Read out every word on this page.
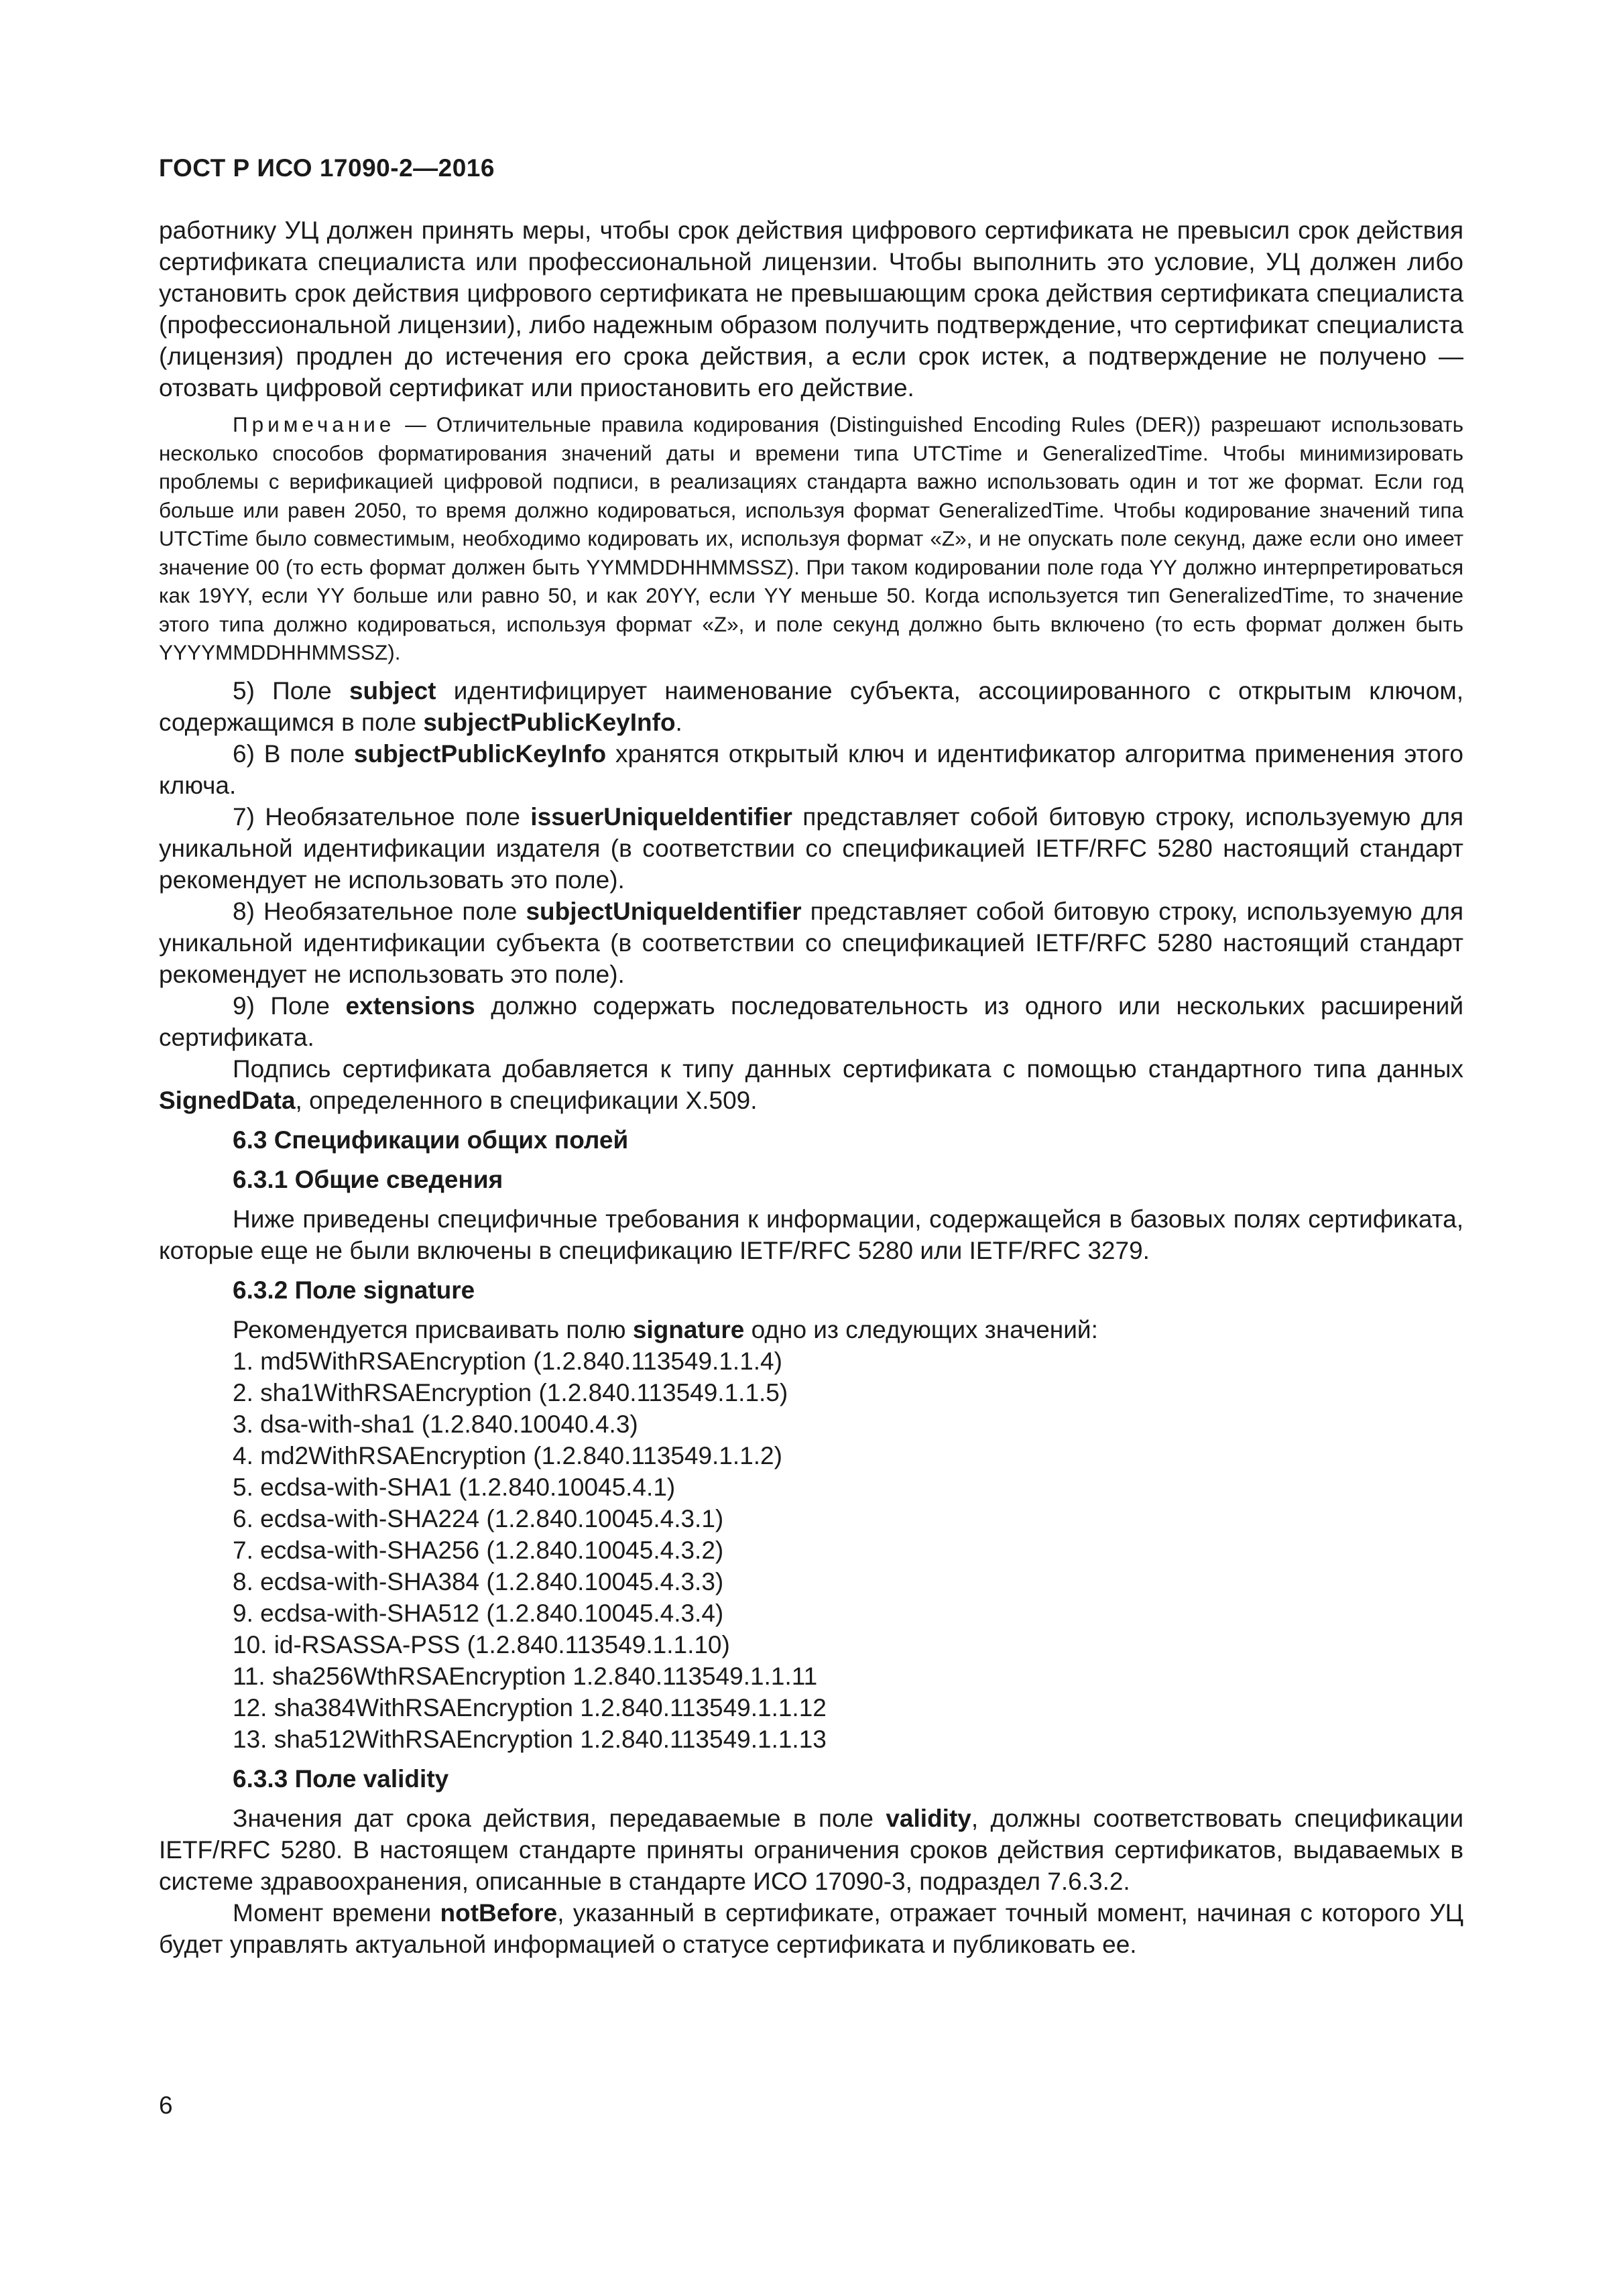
ГОСТ Р ИСО 17090-2—2016

работнику УЦ должен принять меры, чтобы срок действия цифрового сертификата не превысил срок действия сертификата специалиста или профессиональной лицензии. Чтобы выполнить это условие, УЦ должен либо установить срок действия цифрового сертификата не превышающим срока действия сертификата специалиста (профессиональной лицензии), либо надежным образом получить подтверждение, что сертификат специалиста (лицензия) продлен до истечения его срока действия, а если срок истек, а подтверждение не получено — отозвать цифровой сертификат или приостановить его действие.

Примечание — Отличительные правила кодирования (Distinguished Encoding Rules (DER)) разрешают использовать несколько способов форматирования значений даты и времени типа UTCTime и GeneralizedTime. Чтобы минимизировать проблемы с верификацией цифровой подписи, в реализациях стандарта важно использовать один и тот же формат. Если год больше или равен 2050, то время должно кодироваться, используя формат GeneralizedTime. Чтобы кодирование значений типа UTCTime было совместимым, необходимо кодировать их, используя формат «Z», и не опускать поле секунд, даже если оно имеет значение 00 (то есть формат должен быть YYMMDDHHMMSSZ). При таком кодировании поле года YY должно интерпретироваться как 19YY, если YY больше или равно 50, и как 20YY, если YY меньше 50. Когда используется тип GeneralizedTime, то значение этого типа должно кодироваться, используя формат «Z», и поле секунд должно быть включено (то есть формат должен быть YYYYMMDDHHMMSSZ).

5) Поле subject идентифицирует наименование субъекта, ассоциированного с открытым ключом, содержащимся в поле subjectPublicKeyInfo.

6) В поле subjectPublicKeyInfo хранятся открытый ключ и идентификатор алгоритма применения этого ключа.

7) Необязательное поле issuerUniqueIdentifier представляет собой битовую строку, используемую для уникальной идентификации издателя (в соответствии со спецификацией IETF/RFC 5280 настоящий стандарт рекомендует не использовать это поле).

8) Необязательное поле subjectUniqueIdentifier представляет собой битовую строку, используемую для уникальной идентификации субъекта (в соответствии со спецификацией IETF/RFC 5280 настоящий стандарт рекомендует не использовать это поле).

9) Поле extensions должно содержать последовательность из одного или нескольких расширений сертификата.

Подпись сертификата добавляется к типу данных сертификата с помощью стандартного типа данных SignedData, определенного в спецификации X.509.

6.3 Спецификации общих полей

6.3.1 Общие сведения

Ниже приведены специфичные требования к информации, содержащейся в базовых полях сертификата, которые еще не были включены в спецификацию IETF/RFC 5280 или IETF/RFC 3279.

6.3.2 Поле signature

Рекомендуется присваивать полю signature одно из следующих значений:

1. md5WithRSAEncryption (1.2.840.113549.1.1.4)
2. sha1WithRSAEncryption (1.2.840.113549.1.1.5)
3. dsa-with-sha1 (1.2.840.10040.4.3)
4. md2WithRSAEncryption (1.2.840.113549.1.1.2)
5. ecdsa-with-SHA1 (1.2.840.10045.4.1)
6. ecdsa-with-SHA224 (1.2.840.10045.4.3.1)
7. ecdsa-with-SHA256 (1.2.840.10045.4.3.2)
8. ecdsa-with-SHA384 (1.2.840.10045.4.3.3)
9. ecdsa-with-SHA512 (1.2.840.10045.4.3.4)
10. id-RSASSA-PSS (1.2.840.113549.1.1.10)
11. sha256WthRSAEncryption 1.2.840.113549.1.1.11
12. sha384WithRSAEncryption 1.2.840.113549.1.1.12
13. sha512WithRSAEncryption 1.2.840.113549.1.1.13

6.3.3 Поле validity

Значения дат срока действия, передаваемые в поле validity, должны соответствовать спецификации IETF/RFC 5280. В настоящем стандарте приняты ограничения сроков действия сертификатов, выдаваемых в системе здравоохранения, описанные в стандарте ИСО 17090-3, подраздел 7.6.3.2.

Момент времени notBefore, указанный в сертификате, отражает точный момент, начиная с которого УЦ будет управлять актуальной информацией о статусе сертификата и публиковать ее.

6
